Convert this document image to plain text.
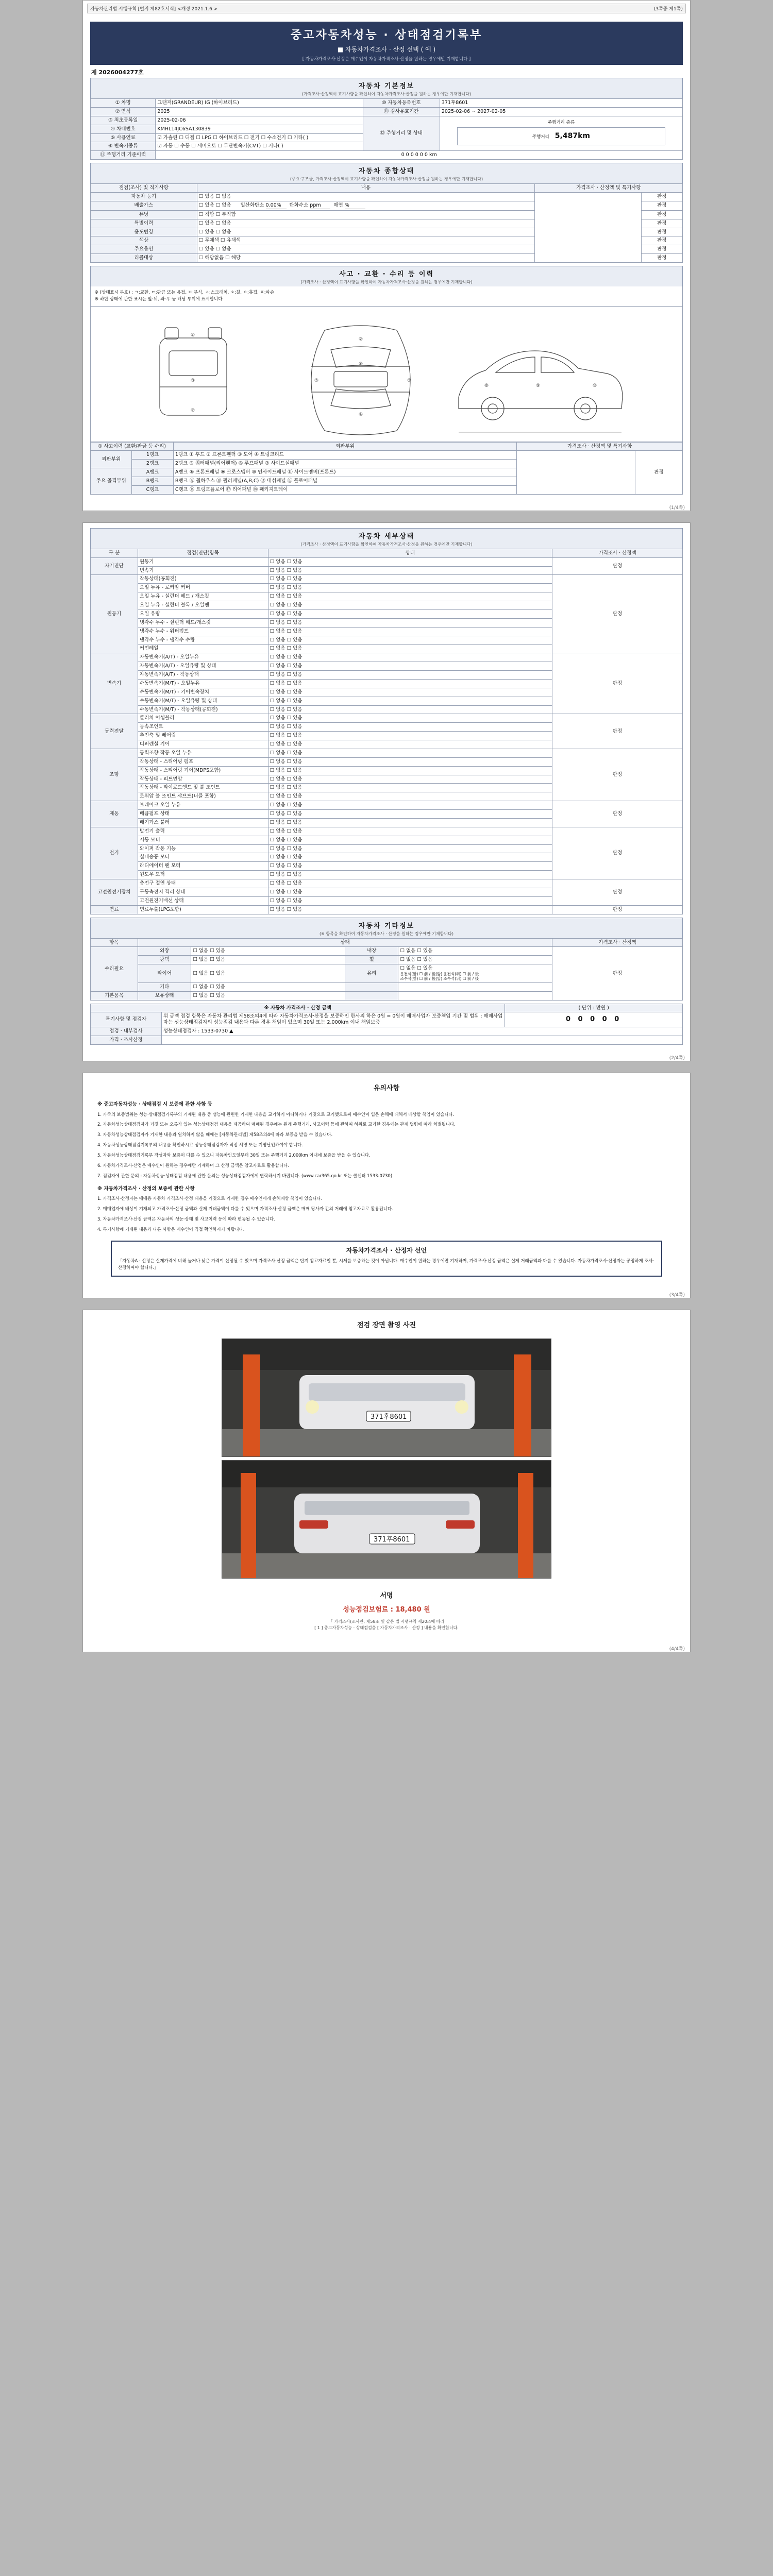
자동차관리법 시행규칙 [별지 제82호서식] <개정 2021.1.6.>	(3쪽중 제1쪽)
중고자동차성능 · 상태점검기록부
■ 자동차가격조사 · 산정 선택 ( 예 )
[ 자동차가격조사·산정은 매수인이 자동차가격조사·산정을 원하는 경우에만 기재합니다 ]
제 2026004277호
자동차 기본정보
(가격조사·산정액이 표기사항을 확인하여 자동차가격조사·산정을 원하는 경우에만 기재합니다)
① 차명	그랜저(GRANDEUR) IG (하이브리드)	⑩ 자동차등록번호	371후8601
② 연식	2025	⑪ 검사유효기간	2025-02-06 ~ 2027-02-05
③ 최초등록일	2025-02-06	⑫ 주행거리 및 상태	주행거리 종류
주행거리 5,487km

④ 차대번호	KMHL14JC6SA130839		
⑤ 사용연료	☑ 가솔린 ☐ 디젤 ☐ LPG ☐ 하이브리드 ☐ 전기 ☐ 수소전기 ☐ 기타( )		
⑥ 변속기종류	☑ 자동 ☐ 수동 ☐ 세미오토 ☐ 무단변속기(CVT) ☐ 기타( )		
⑬ 주행거리 기준이력	0 0 0 0 0 0 km		
자동차 종합상태
(주요·구조물, 가격조사·산정액이 표기사항을 확인하여 자동차가격조사·산정을 원하는 경우에만 기재합니다)
점검(조사) 및 적기사항	내용	가격조사 · 산정액 및 특기사항	
자동차 등기	☐ 있음 ☐ 없음		판정
배출가스	☐ 있음 ☐ 없음 일산화탄소 0.00%  탄화수소 ppm  매연 %		판정
튜닝	☐ 적합 ☐ 부적합		판정
특별이력	☐ 있음 ☐ 없음		판정
용도변경	☐ 있음 ☐ 없음		판정
색상	☐ 무채색 ☐ 유채색		판정
주요옵션	☐ 있음 ☐ 없음		판정
리콜대상	☐ 해당없음 ☐ 해당		판정
사고 · 교환 · 수리 등 이력
(가격조사 · 산정액이 표기사항을 확인하여 자동차가격조사·산정을 원하는 경우에만 기재합니다)
※ (상태표시 부호) : ㄱ:교환, ㅌ:판금 또는 용접, ㅂ:부식, ㅅ:스크래치, ㅊ:칠, ㅇ:흠집, ㅍ:파손
※ 하단 상태에 관한 표시는 앞·뒤, 좌·우 등 해당 부위에 표시합니다
①
③
⑦
②
⑥
④
⑤	⑤
⑧	⑨	⑩
① 사고이력 (교환/판금 등 수리)		외판부위	가격조사 · 산정액 및 특기사항	
외판부위	1랭크	1랭크 ① 후드 ② 프론트휀더 ③ 도어 ④ 트렁크리드		판정
	2랭크	2랭크 ⑤ 쿼터패널(리어휀더) ⑥ 루프패널 ⑦ 사이드실패널		
주요 골격부위	A랭크	A랭크 ⑧ 프론트패널 ⑨ 크로스멤버 ⑩ 인사이드패널 ⑪ 사이드멤버(프론트)		
	B랭크	B랭크 ⑫ 휠하우스 ⑬ 필러패널(A,B,C) ⑭ 대쉬패널 ⑮ 플로어패널		
	C랭크	C랭크 ⑯ 트렁크플로어 ⑰ 리어패널 ⑱ 패키지트레이		
(1/4쪽)
자동차 세부상태
(가격조사 · 산정액이 표기사항을 확인하여 자동차가격조사·산정을 원하는 경우에만 기재합니다)
구 분	점검(진단)항목	상태	가격조사 · 산정액
자기진단	원동기	☐ 없음 ☐ 있음	판정
	변속기	☐ 없음 ☐ 있음	
원동기	작동상태(공회전)	☐ 없음 ☐ 있음	판정
	오일 누유 - 로커암 커버	☐ 없음 ☐ 있음	
	오일 누유 - 실린더 헤드 / 개스킷	☐ 없음 ☐ 있음	
	오일 누유 - 실린더 블록 / 오일팬	☐ 없음 ☐ 있음	
	오일 유량	☐ 없음 ☐ 있음	
	냉각수 누수 - 실린더 헤드/개스킷	☐ 없음 ☐ 있음	
	냉각수 누수 - 워터펌프	☐ 없음 ☐ 있음	
	냉각수 누수 - 냉각수 수량	☐ 없음 ☐ 있음	
	커먼레일	☐ 없음 ☐ 있음	
변속기	자동변속기(A/T) - 오일누유	☐ 없음 ☐ 있음	판정
	자동변속기(A/T) - 오일유량 및 상태	☐ 없음 ☐ 있음	
	자동변속기(A/T) - 작동상태	☐ 없음 ☐ 있음	
	수동변속기(M/T) - 오일누유	☐ 없음 ☐ 있음	
	수동변속기(M/T) - 기어변속장치	☐ 없음 ☐ 있음	
	수동변속기(M/T) - 오일유량 및 상태	☐ 없음 ☐ 있음	
	수동변속기(M/T) - 작동상태(공회전)	☐ 없음 ☐ 있음	
동력전달	클러치 어셈블리	☐ 없음 ☐ 있음	판정
	등속조인트	☐ 없음 ☐ 있음	
	추진축 및 베어링	☐ 없음 ☐ 있음	
	디퍼렌셜 기어	☐ 없음 ☐ 있음	
조향	동력조향 작동 오일 누유	☐ 없음 ☐ 있음	판정
	작동상태 - 스티어링 펌프	☐ 없음 ☐ 있음	
	작동상태 - 스티어링 기어(MDPS포함)	☐ 없음 ☐ 있음	
	작동상태 - 피트먼암	☐ 없음 ☐ 있음	
	작동상태 - 타이로드엔드 및 볼 조인트	☐ 없음 ☐ 있음	
	로워암 볼 조인트 샤프트(너클 포함)	☐ 없음 ☐ 있음	
제동	브레이크 오일 누유	☐ 없음 ☐ 있음	판정
	베큠펌프 상태	☐ 없음 ☐ 있음	
	배기가스 불러	☐ 없음 ☐ 있음	
전기	발전기 출력	☐ 없음 ☐ 있음	판정
	시동 모터	☐ 없음 ☐ 있음	
	와이퍼 작동 기능	☐ 없음 ☐ 있음	
	실내송풍 모터	☐ 없음 ☐ 있음	
	라디에이터 팬 모터	☐ 없음 ☐ 있음	
	윈도우 모터	☐ 없음 ☐ 있음	
고전원전기장치	충전구 절연 상태	☐ 없음 ☐ 있음	판정
	구동축전지 격리 상태	☐ 없음 ☐ 있음	
	고전원전기배선 상태	☐ 없음 ☐ 있음	
연료	연료누출(LPG포함)	☐ 없음 ☐ 있음	판정
자동차 기타정보
(※ 항목을 확인하여 자동차가격조사 · 산정을 원하는 경우에만 기재합니다)
항목	상태				가격조사 · 산정액
수리필요	외장	☐ 없음 ☐ 있음	내장	☐ 없음 ☐ 있음	판정
	광택	☐ 없음 ☐ 있음	휠	☐ 없음 ☐ 있음	
	타이어	☐ 없음 ☐ 있음	유리	☐ 없음 ☐ 있음
운전석(앞) ☐ 前 / 後(앞) 운전석(뒤) ☐ 前 / 後
조수석(앞) ☐ 前 / 後(앞) 조수석(뒤) ☐ 前 / 後	

	기타	☐ 없음 ☐ 있음			
기본품목	보유상태	☐ 없음 ☐ 있음			
※ 자동차 가격조사 · 산정 금액		( 단위 : 만원 )
특기사항 및 점검자	위 금액 점검 항목은 자동차 관리법 제58조의4에 따라 자동차가격조사·산정을 보증하인 한사의 하은 0원 = 0원이 매매사업자 보증책임 기간 및 범위 : 매매사업자는 성능상태점검자의 성능점검 내용과 다른 경우 책임이 있으며 30일 또는 2,000km 이내 책임보증	0 0 0 0 0
점검 · 내부검사	성능상태점검자 : 1533-0730 ▲	
가격 · 조사산정		
(2/4쪽)
유의사항
※ 중고자동차성능 · 상태점검 시 보증에 관한 사항 등

1. 가죽의 보증범위는 성능·상태점검기록부의 기재된 내용 중 성능에 관련한 기재한 내용을 교기하기 아니하거나 거짓으로 교기했으로써 매수인이 입은 손해에 대해서 배상할 책임이 있습니다.

2. 자동차성능상태점검자가 거짓 또는 오류가 있는 성능상태점검 내용을 제공하여 매매된 경우에는 원래 주행거리, 사고이력 등에 관하여 허위로 교기한 경우에는 관계 법령에 따라 처벌됩니다.

3. 자동차성능상태점검자가 기재한 내용과 일치하지 않을 때에는 [자동차관리법] 제58조의4에 따라 보증을 받을 수 있습니다.

4. 자동차성능상태점검기록부의 내용을 확인하시고 성능상태점검자가 직접 서명 또는 기명날인하여야 합니다.

5. 자동차성능상태점검기록부 작성자와 보증이 다를 수 있으니 자동차인도일부터 30일 또는 주행거리 2,000km 이내에 보증을 받을 수 있습니다.

6. 자동차가격조사·산정은 매수인이 원하는 경우에만 기재하며 그 산정 금액은 참고자료로 활용합니다.

7. 점검자에 관한 문의 : 자동차성능·상태점검 내용에 관한 문의는 성능상태점검자에게 연락하시기 바랍니다. (www.car365.go.kr 또는 콜센터 1533-0730)

※ 자동차가격조사 · 산정의 보증에 관한 사항

1. 가격조사·산정자는 매매용 자동차 가격조사·산정 내용을 거짓으로 기재한 경우 매수인에게 손해배상 책임이 있습니다.

2. 매매업자에 배상이 기재되고 가격조사·산정 금액과 실제 거래금액이 다를 수 있으며 가격조사·산정 금액은 매매 당사자 간의 거래에 참고자료로 활용됩니다.

3. 자동차가격조사·산정 금액은 자동차의 성능·상태 및 사고이력 등에 따라 변동될 수 있습니다.

4. 특기사항에 기재된 내용과 다른 사항은 매수인이 직접 확인하시기 바랍니다.

자동차가격조사 · 산정자 선언
「자동차A · 산정은 실제가격에 비해 높거나 낮은 가격이 산정될 수 있으며 가격조사·산정 금액은 단지 참고자료일 뿐, 시세를 보증하는 것이 아닙니다. 매수인이 원하는 경우에만 기재하며, 가격조사·산정 금액은 실제 거래금액과 다를 수 있습니다. 자동차가격조사·산정자는 공정하게 조사·산정하여야 합니다.」
(3/4쪽)
점검 장면 촬영 사진
371후8601
371후8601
서명
성능점검보험료 : 18,480 원
「 가격조사(조사관, 제58조 및 같은 법 시행규칙 제20조에 따라
[ 1 ] 중고자동차성능 · 상태점검을 [ 자동차가격조사 · 산정 ] 내용을 확인합니다.
(4/4쪽)
